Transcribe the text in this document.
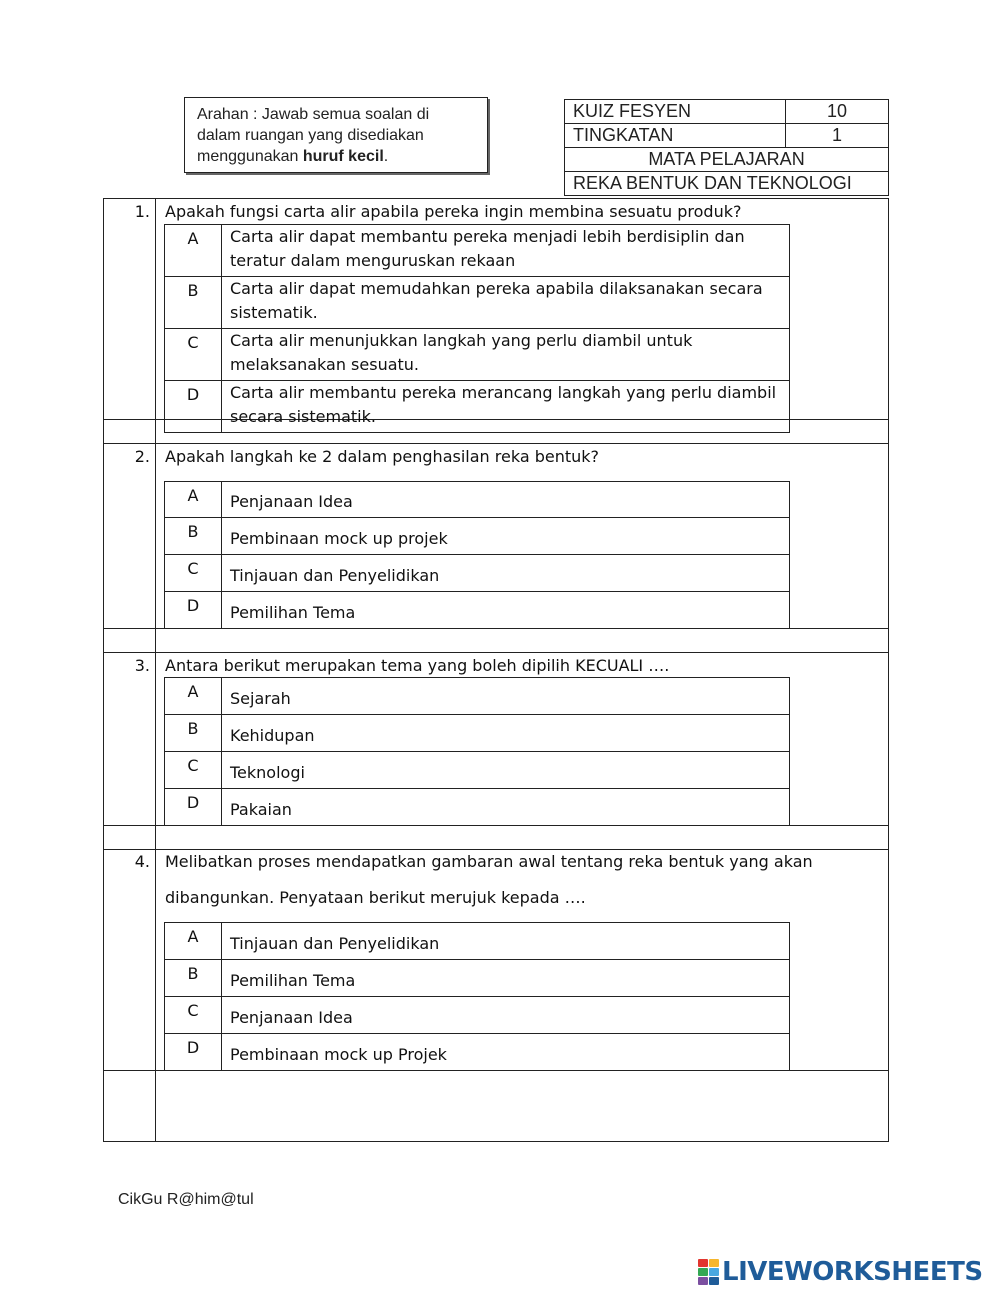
Arahan : Jawab semua soalan di dalam ruangan yang disediakan menggunakan huruf kecil.
KUIZ FESYEN	10
TINGKATAN	1
MATA PELAJARAN	
REKA BENTUK DAN TEKNOLOGI	
1. Apakah fungsi carta alir apabila pereka ingin membina sesuatu produk?
A	Carta alir dapat membantu pereka menjadi lebih berdisiplin dan teratur dalam menguruskan rekaan
B	Carta alir dapat memudahkan pereka apabila dilaksanakan secara sistematik.
C	Carta alir menunjukkan langkah yang perlu diambil untuk melaksanakan sesuatu.
D	Carta alir membantu pereka merancang langkah yang perlu diambil secara sistematik.
2. Apakah langkah ke 2 dalam penghasilan reka bentuk?
A	Penjanaan Idea
B	Pembinaan mock up projek
C	Tinjauan dan Penyelidikan
D	Pemilihan Tema
3. Antara berikut merupakan tema yang boleh dipilih KECUALI ….
A	Sejarah
B	Kehidupan
C	Teknologi
D	Pakaian
4. Melibatkan proses mendapatkan gambaran awal tentang reka bentuk yang akan
dibangunkan. Penyataan berikut merujuk kepada ….
A	Tinjauan dan Penyelidikan
B	Pemilihan Tema
C	Penjanaan Idea
D	Pembinaan mock up Projek
CikGu R@him@tul
LIVEWORKSHEETS
